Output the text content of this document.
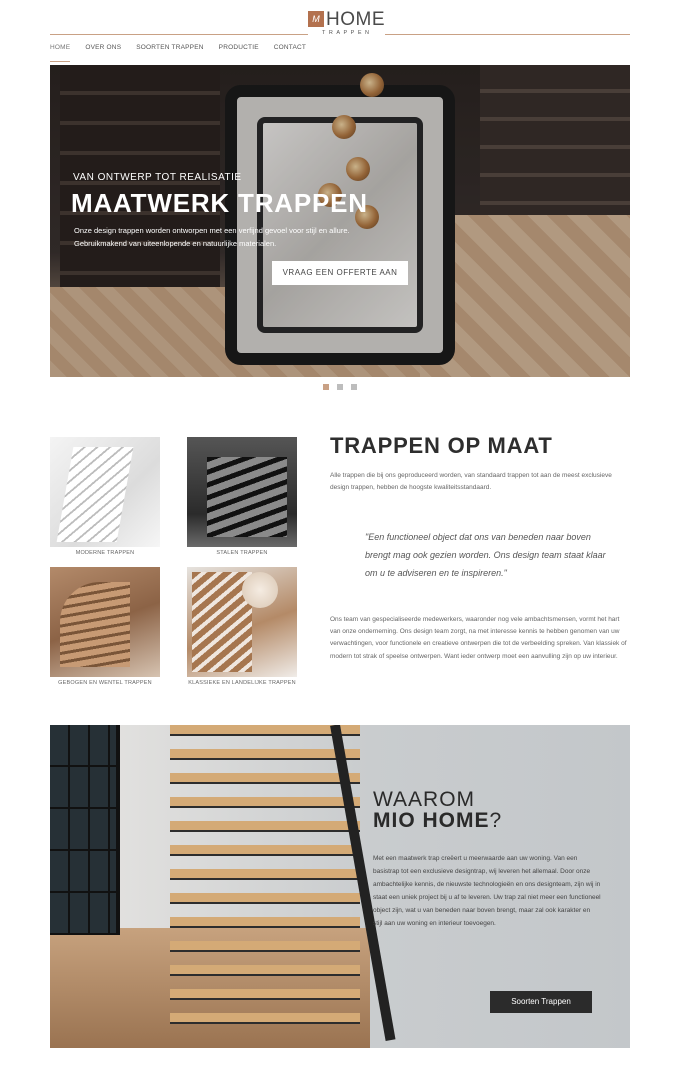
M HOME
TRAPPEN
HOME OVER ONS SOORTEN TRAPPEN PRODUCTIE CONTACT
VAN ONTWERP TOT REALISATIE
MAATWERK TRAPPEN

Onze design trappen worden ontworpen met een verfijnd gevoel voor stijl en allure. Gebruikmakend van uiteenlopende en natuurlijke materialen.

VRAAG EEN OFFERTE AAN
MODERNE TRAPPEN	STALEN TRAPPEN
GEBOGEN EN WENTEL TRAPPEN	KLASSIEKE EN LANDELIJKE TRAPPEN
TRAPPEN OP MAAT

Alle trappen die bij ons geproduceerd worden, van standaard trappen tot aan de meest exclusieve design trappen, hebben de hoogste kwaliteitsstandaard.

"Een functioneel object dat ons van beneden naar boven brengt mag ook gezien worden. Ons design team staat klaar om u te adviseren en te inspireren."

Ons team van gespecialiseerde medewerkers, waaronder nog vele ambachtsmensen, vormt het hart van onze onderneming. Ons design team zorgt, na met interesse kennis te hebben genomen van uw verwachtingen, voor functionele en creatieve ontwerpen die tot de verbeelding spreken. Van klassiek of modern tot strak of speelse ontwerpen. Want ieder ontwerp moet een aanvulling zijn op uw interieur.

WAAROM
MIO HOME?

Met een maatwerk trap creëert u meerwaarde aan uw woning. Van een basistrap tot een exclusieve designtrap, wij leveren het allemaal. Door onze ambachtelijke kennis, de nieuwste technologieën en ons designteam, zijn wij in staat een uniek project bij u af te leveren. Uw trap zal niet meer een functioneel object zijn, wat u van beneden naar boven brengt, maar zal ook karakter en stijl aan uw woning en interieur toevoegen.

Soorten Trappen
